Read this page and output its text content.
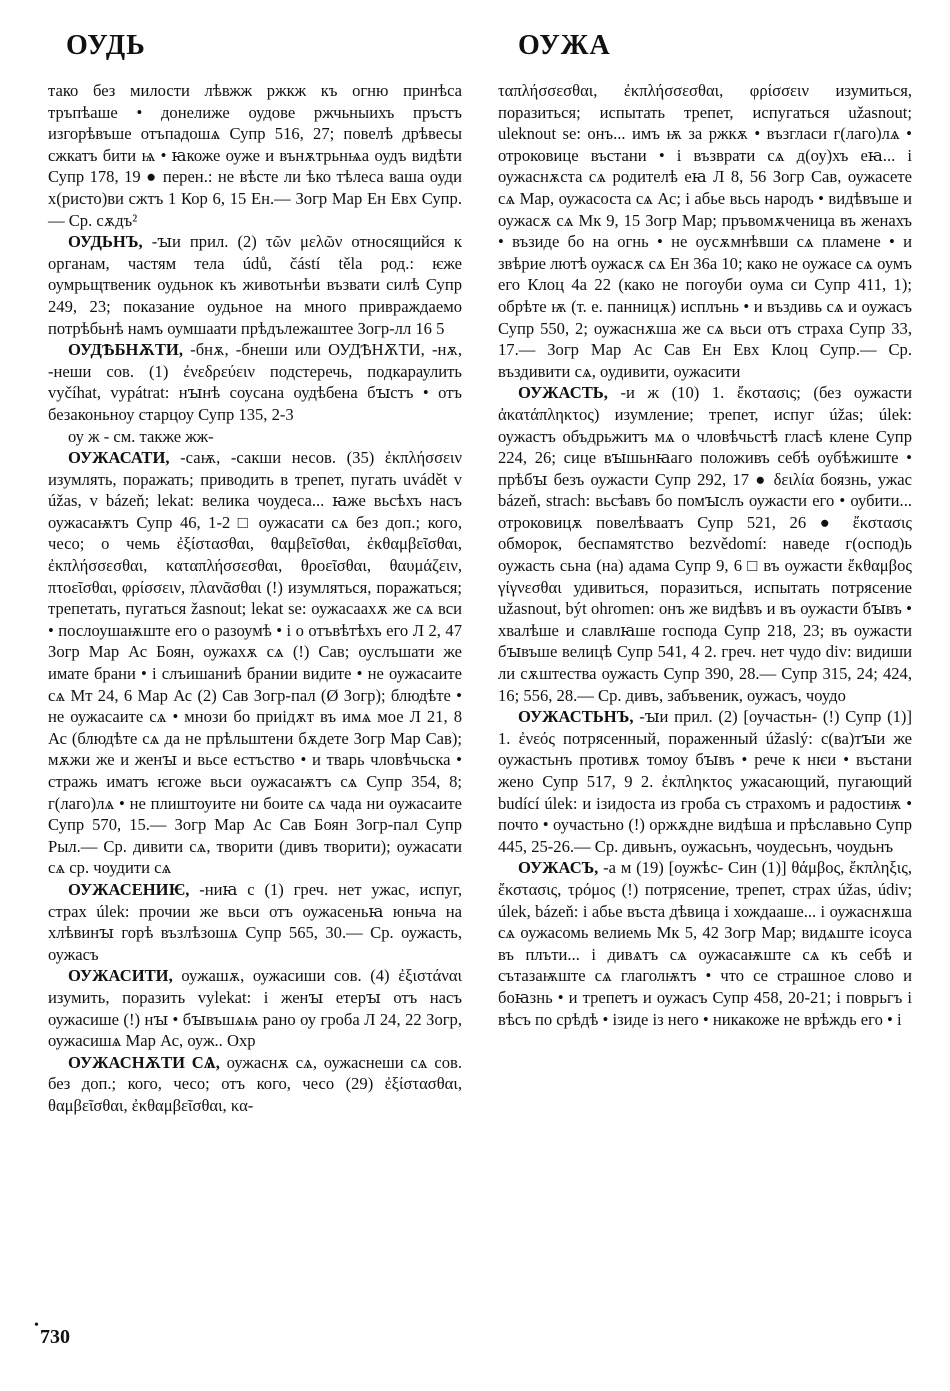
ОУДЬ	ОУЖА

тако без милости лѣвжж ржкж къ огню принѣса тръпѣаше • донелиже оудове ржчьныихъ пръстъ изгорѣвъше отъпадошѧ Супр 516, 27; повелѣ дрѣвесы сжкатъ бити ѩ • ꙗкоже оуже и вънѫтрьнѩа оудъ видѣти Супр 178, 19 ● перен.: не вѣсте ли ѣко тѣлеса ваша оуди х(ристо)ви сжтъ 1 Кор 6, 15 Ен.— Зогр Мар Ен Евх Супр.— Ср. сѫдъ²

ОУДЬНЪ, -ꙑи прил. (2) τῶν μελῶν относящийся к органам, частям тела údů, částí těla род.: ѥже оумрьщтвеник оудьнок къ животьнѣи възвати силѣ Супр 249, 23; показание оудьное на много привраждаемо потрѣбьнѣ намъ оумшаати прѣдълежаштее Зогр-лл 16 5

ОУДѢБНѪТИ, -бнѫ, -бнеши или ОУДѢНѪТИ, -нѫ, -неши сов. (1) ἐνεδρεύειν подстеречь, подкараулить vyčíhat, vypátrat: нꙑнѣ соусана оудѣбена бꙑстъ • отъ безаконьноу старцоу Супр 135, 2-3

оу ж - см. также жж-

ОУЖАСАТИ, -саѭ, -сакши несов. (35) ἐκπλήσσειν изумлять, поражать; приводить в трепет, пугать uvádět v úžas, v bázeň; lekat: велика чоудеса... ꙗже вьсѣхъ насъ оужасаѭтъ Супр 46, 1-2 □ оужасати сѧ без доп.; кого, чесо; о чемь ἐξίστασθαι, θαμβεῖσθαι, ἐκθαμβεῖσθαι, ἐκπλήσσεσθαι, καταπλήσσεσθαι, θροεῖσθαι, θαυμάζειν, πτοεῖσθαι, φρίσσειν, πλανᾶσθαι (!) изумляться, поражаться; трепетать, пугаться žasnout; lekat se: оужасаахѫ же сѧ вси • послоушаѭште его о разоумѣ • і о отъвѣтѣхъ его Л 2, 47 Зогр Мар Ас Боян, оужахѫ сѧ (!) Сав; оуслъшати же имате брани • і слъишаниѣ брании видите • не оужасаите сѧ Мт 24, 6 Мар Ас (2) Сав Зогр-пал (Ø Зогр); блюдѣте • не оужасаите сѧ • мнози бо приідѫт въ имѧ мое Л 21, 8 Ас (блюдѣте сѧ да не прѣльштени бѫдете Зогр Мар Сав); мѫжи же и женꙑ и вьсе естъство • и тварь чловѣчьска • стражь иматъ ѥгоже вьси оужасаѭтъ сѧ Супр 354, 8; г(лаго)лѧ • не плиштоуите ни боите сѧ чада ни оужасаите Супр 570, 15.— Зогр Мар Ас Сав Боян Зогр-пал Супр Рыл.— Ср. дивити сѧ, творити (дивъ творити); оужасати сѧ ср. чоудити сѧ

ОУЖАСЕНИѤ, -ниꙗ с (1) греч. нет ужас, испуг, страх úlek: прочии же вьси отъ оужасеньꙗ юньча на хлѣвинꙑ горѣ възлѣзошѧ Супр 565, 30.— Ср. оужасть, оужасъ

ОУЖАСИТИ, оужашѫ, оужасиши сов. (4) ἐξιστάναι изумить, поразить vylekat: і женꙑ етерꙑ отъ насъ оужасише (!) нꙑ • бꙑвъшѧѩ рано оу гроба Л 24, 22 Зогр, оужасишѧ Мар Ас, оуж.. Охр

ОУЖАСНѪТИ СѦ, оужаснѫ сѧ, оужаснеши сѧ сов. без доп.; кого, чесо; отъ кого, чесо (29) ἐξίστασθαι, θαμβεῖσθαι, ἐκθαμβεῖσθαι, κα-

ταπλήσσεσθαι, ἐκπλήσσεσθαι, φρίσσειν изумиться, поразиться; испытать трепет, испугаться užasnout; uleknout se: онъ... имъ ѭ за ржкѫ • възгласи г(лаго)лѧ • отроковице въстани • і възврати сѧ д(оу)хъ еꙗ... і оужаснѫста сѧ родителѣ еꙗ Л 8, 56 Зогр Сав, оужасете сѧ Мар, оужасоста сѧ Ас; і абье вьсь народъ • видѣвъше и оужасѫ сѧ Мк 9, 15 Зогр Мар; пръвомѫченица въ женахъ • възиде бо на огнь • не оусѫмнѣвши сѧ пламене • и звѣрие лютѣ оужасѫ сѧ Ен 36а 10; како не оужасе сѧ оумъ его Клоц 4а 22 (како не погоуби оума си Супр 411, 1); обрѣте ѭ (т. е. панницѫ) исплънь • и въздивь сѧ и оужасъ Супр 550, 2; оужаснѫша же сѧ вьси отъ страха Супр 33, 17.— Зогр Мар Ас Сав Ен Евх Клоц Супр.— Ср. въздивити сѧ, оудивити, оужасити

ОУЖАСТЬ, -и ж (10) 1. ἔκστασις; (без оужасти ἀκατάπληκτος) изумление; трепет, испуг úžas; úlek: оужастъ объдрьжитъ мѧ о чловѣчьстѣ гласѣ клене Супр 224, 26; сице вꙑшьнꙗаго положивъ себѣ оубѣжиште • прѣбꙑ безъ оужасти Супр 292, 17 ● δειλία боязнь, ужас bázeň, strach: вьсѣавъ бо помꙑслъ оужасти его • оубити... отроковицѫ повелѣваатъ Супр 521, 26 ● ἔκστασις обморок, беспамятство bezvědomí: наведе г(оспод)ь оужасть сьна (на) адама Супр 9, 6 □ въ оужасти ἔκθαμβος γίγνεσθαι удивиться, поразиться, испытать потрясение užasnout, být ohromen: онъ же видѣвъ и въ оужасти бꙑвъ • хвалѣше и славлꙗше господа Супр 218, 23; въ оужасти бꙑвъше велицѣ Супр 541, 4 2. греч. нет чудо div: видиши ли сѫштества оужасть Супр 390, 28.— Супр 315, 24; 424, 16; 556, 28.— Ср. дивъ, забъвеник, оужасъ, чоудо

ОУЖАСТЬНЪ, -ꙑи прил. (2) [оучастьн- (!) Супр (1)] 1. ἐνεός потрясенный, пораженный úžaslý: с(ва)тꙑи же оужастьнъ противѫ томоу бꙑвъ • рече к нѥи • въстани жено Супр 517, 9 2. ἐκπληκτος ужасающий, пугающий budící úlek: и ізидоста из гроба съ страхомъ и радостиѭ • почто • оучастьно (!) оржѫдне видѣша и прѣславьно Супр 445, 25-26.— Ср. дивьнъ, оужасьнъ, чоудесьнъ, чоудьнъ

ОУЖАСЪ, -а м (19) [оужѣс- Син (1)] θάμβος, ἔκπληξις, ἔκστασις, τρόμος (!) потрясение, трепет, страх úžas, údiv; úlek, bázeň: і абье въста дѣвица і хождааше... і оужаснѫша сѧ оужасомь велиемь Мк 5, 42 Зогр Мар; видѧште ісоуса въ плъти... і дивѧтъ сѧ оужасаѭште сѧ къ себѣ и сътазаѭште сѧ глаголѭтъ • что се страшное слово и боꙗзнь • и трепетъ и оужасъ Супр 458, 20-21; і поврьгъ і вѣсъ по срѣдѣ • ізиде із него • никакоже не врѣждь его • і

•
730
